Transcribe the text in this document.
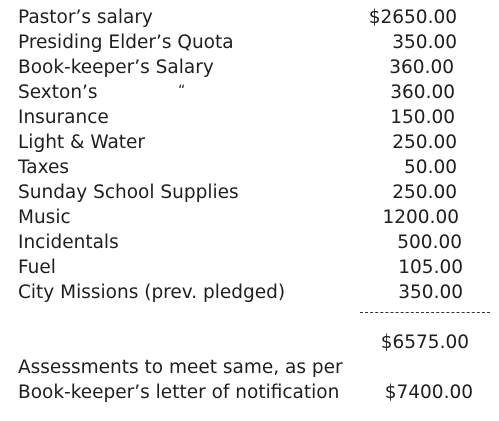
Pastor’s salary	$2650.00
Presiding Elder’s Quota	350.00
Book-keeper’s Salary	360.00
Sexton’s	“	360.00
Insurance	150.00
Light & Water	250.00
Taxes	50.00
Sunday School Supplies	250.00
Music	1200.00
Incidentals	500.00
Fuel	105.00
City Missions (prev. pledged)	350.00
$6575.00
Assessments to meet same, as per
Book-keeper’s letter of notification $7400.00
